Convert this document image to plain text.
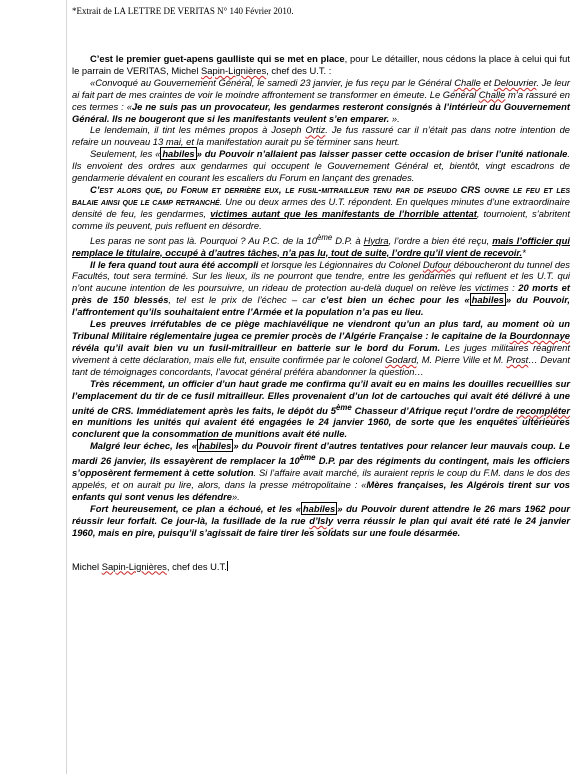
*Extrait de LA LETTRE DE VERITAS N° 140 Février 2010.

C’est le premier guet-apens gaulliste qui se met en place, pour Le détailler, nous cédons la place à celui qui fut le parrain de VERITAS, Michel Sapin-Lignières, chef des U.T. :

«Convoqué au Gouvernement Général, le samedi 23 janvier, je fus reçu par le Général Challe et Delouvrier. Je leur ai fait part de mes craintes de voir le moindre affrontement se transformer en émeute. Le Général Challe m’a rassuré en ces termes : «Je ne suis pas un provocateur, les gendarmes resteront consignés à l’intérieur du Gouvernement Général. Ils ne bougeront que si les manifestants veulent s’en emparer. ».

Le lendemain, il tint les mêmes propos à Joseph Ortiz. Je fus rassuré car il n’était pas dans notre intention de refaire un nouveau 13 mai, et la manifestation aurait pu se terminer sans heurt.

Seulement, les « habiles » du Pouvoir n’allaient pas laisser passer cette occasion de briser l’unité nationale. Ils envoient des ordres aux gendarmes qui occupent le Gouvernement Général et, bientôt, vingt escadrons de gendarmerie dévalent en courant les escaliers du Forum en lançant des grenades.

C’est alors que, du Forum et derrière eux, le fusil-mitrailleur tenu par de pseudo CRS ouvre le feu et les balaie ainsi que le camp retranché. Une ou deux armes des U.T. répondent. En quelques minutes d’une extraordinaire densité de feu, les gendarmes, victimes autant que les manifestants de l’horrible attentat, tournoient, s’abritent comme ils peuvent, puis refluent en désordre.

Les paras ne sont pas là. Pourquoi ? Au P.C. de la 10ème D.P. à Hydra, l’ordre a bien été reçu, mais l’officier qui remplace le titulaire, occupé à d’autres tâches, n’a pas lu, tout de suite, l’ordre qu’il vient de recevoir.*

Il le fera quand tout aura été accompli et lorsque les Légionnaires du Colonel Dufour déboucheront du tunnel des Facultés, tout sera terminé. Sur les lieux, ils ne pourront que tendre, entre les gendarmes qui refluent et les U.T. qui n’ont aucune intention de les poursuivre, un rideau de protection au-delà duquel on relève les victimes : 20 morts et près de 150 blessés, tel est le prix de l’échec – car c’est bien un échec pour les « habiles » du Pouvoir, l’affrontement qu’ils souhaitaient entre l’Armée et la population n’a pas eu lieu.

Les preuves irréfutables de ce piège machiavélique ne viendront qu’un an plus tard, au moment où un Tribunal Militaire réglementaire jugea ce premier procès de l’Algérie Française : le capitaine de la Bourdonnaye révéla qu’il avait bien vu un fusil-mitrailleur en batterie sur le bord du Forum. Les juges militaires réagirent vivement à cette déclaration, mais elle fut, ensuite confirmée par le colonel Godard, M. Pierre Ville et M. Prost… Devant tant de témoignages concordants, l’avocat général préféra abandonner la question…

Très récemment, un officier d’un haut grade me confirma qu’il avait eu en mains les douilles recueillies sur l’emplacement du tir de ce fusil mitrailleur. Elles provenaient d’un lot de cartouches qui avait été délivré à une unité de CRS. Immédiatement après les faits, le dépôt du 5ème Chasseur d’Afrique reçut l’ordre de recompléter en munitions les unités qui avaient été engagées le 24 janvier 1960, de sorte que les enquêtes ultérieures conclurent que la consommation de munitions avait été nulle.

Malgré leur échec, les « habiles » du Pouvoir firent d’autres tentatives pour relancer leur mauvais coup. Le mardi 26 janvier, ils essayèrent de remplacer la 10ème D.P. par des régiments du contingent, mais les officiers s’opposèrent fermement à cette solution. Si l’affaire avait marché, ils auraient repris le coup du F.M. dans le dos des appelés, et on aurait pu lire, alors, dans la presse métropolitaine : «Mères françaises, les Algérois tirent sur vos enfants qui sont venus les défendre».

Fort heureusement, ce plan a échoué, et les « habiles » du Pouvoir durent attendre le 26 mars 1962 pour réussir leur forfait. Ce jour-là, la fusillade de la rue d’Isly verra réussir le plan qui avait été raté le 24 janvier 1960, mais en pire, puisqu’il s’agissait de faire tirer les soldats sur une foule désarmée.

Michel Sapin-Lignières, chef des U.T.
